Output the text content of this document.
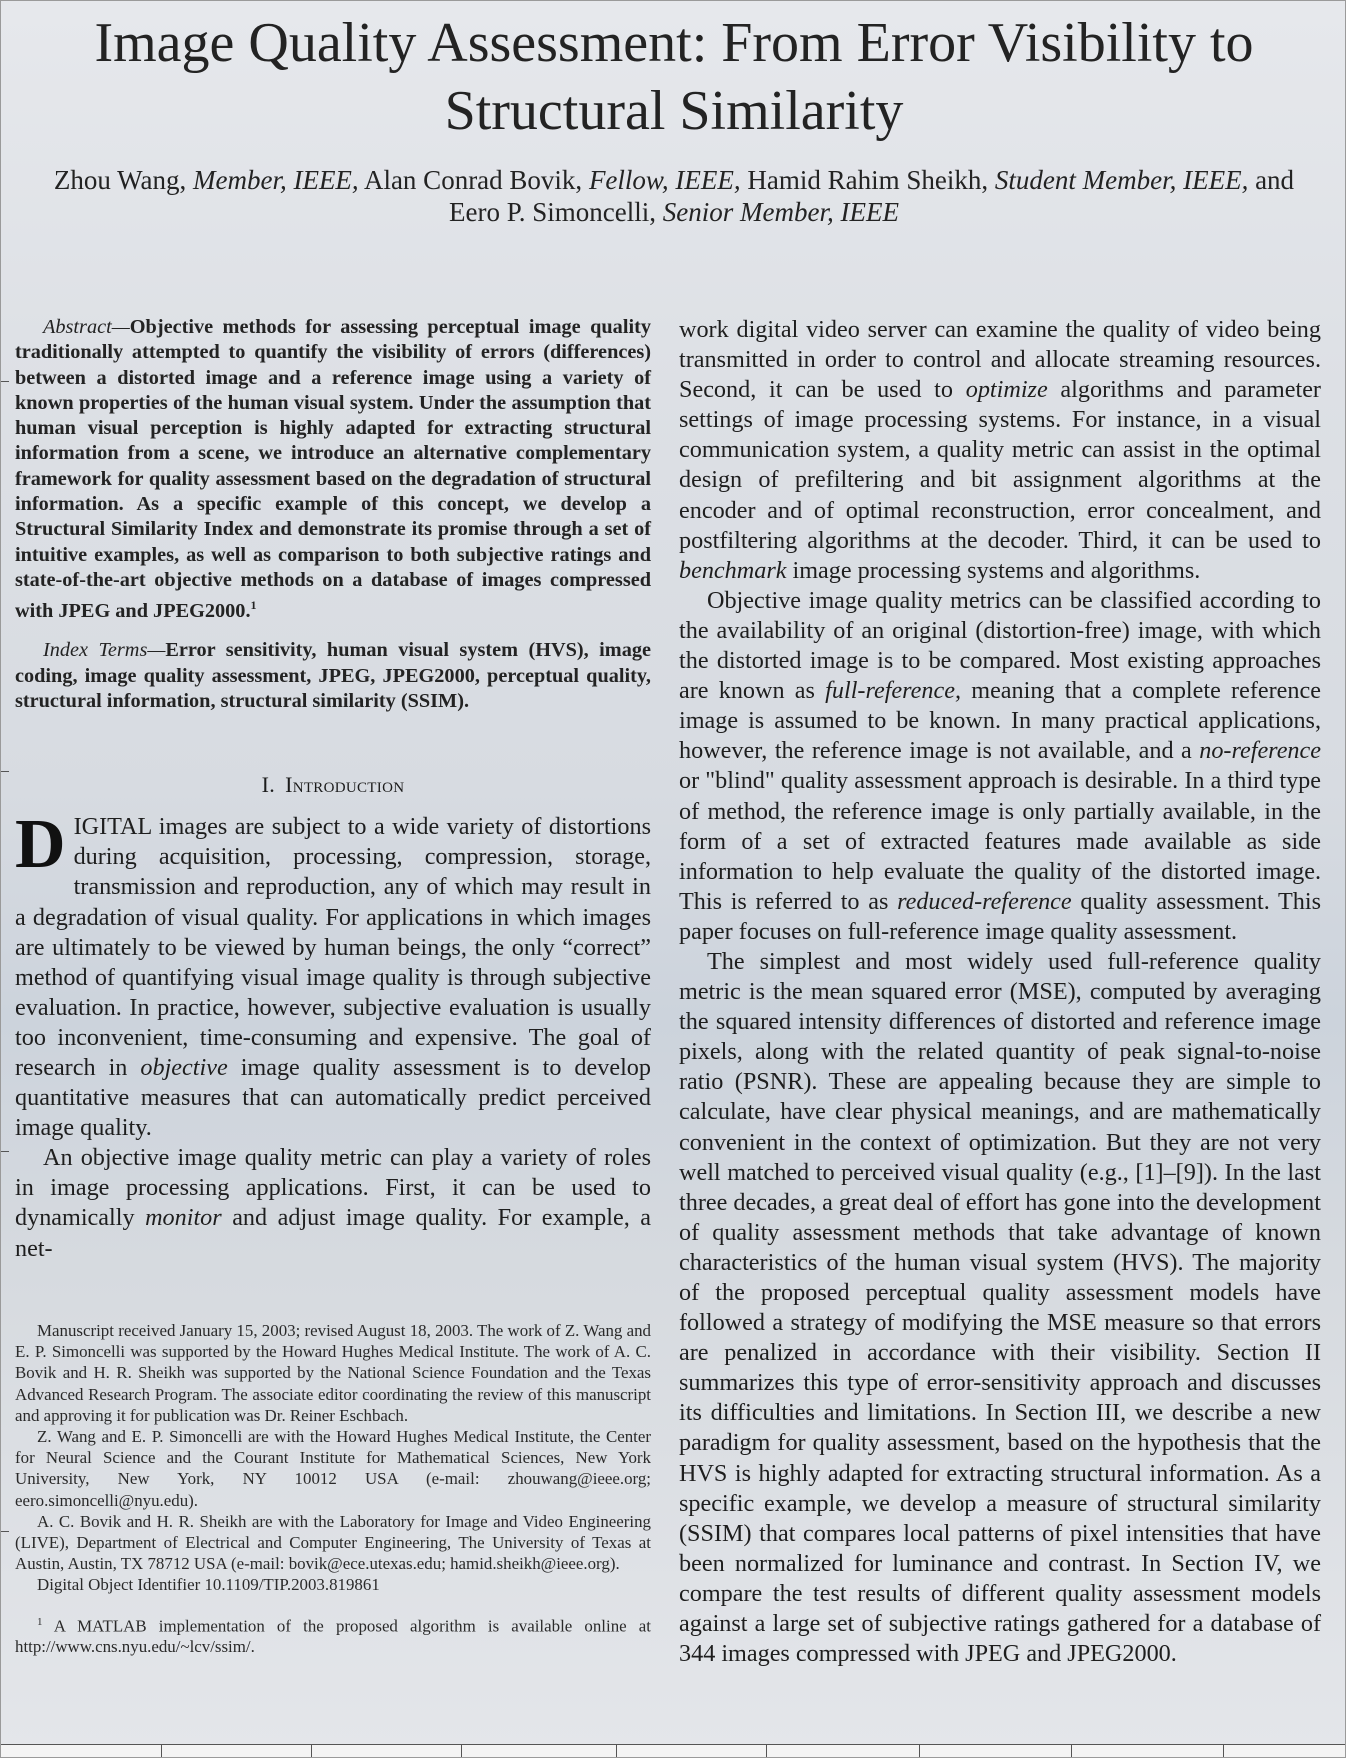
Image Quality Assessment: From Error Visibility to Structural Similarity
Zhou Wang, Member, IEEE, Alan Conrad Bovik, Fellow, IEEE, Hamid Rahim Sheikh, Student Member, IEEE, and
Eero P. Simoncelli, Senior Member, IEEE

Abstract—Objective methods for assessing perceptual image quality traditionally attempted to quantify the visibility of errors (differences) between a distorted image and a reference image using a variety of known properties of the human visual system. Under the assumption that human visual perception is highly adapted for extracting structural information from a scene, we introduce an alternative complementary framework for quality assessment based on the degradation of structural information. As a specific example of this concept, we develop a Structural Similarity Index and demonstrate its promise through a set of intuitive examples, as well as comparison to both subjective ratings and state-of-the-art objective methods on a database of images compressed with JPEG and JPEG2000.$^1$

Index Terms—Error sensitivity, human visual system (HVS), image coding, image quality assessment, JPEG, JPEG2000, perceptual quality, structural information, structural similarity (SSIM).

I. Introduction

DIGITAL images are subject to a wide variety of distortions during acquisition, processing, compression, storage, transmission and reproduction, any of which may result in a degradation of visual quality. For applications in which images are ultimately to be viewed by human beings, the only “correct” method of quantifying visual image quality is through subjective evaluation. In practice, however, subjective evaluation is usually too inconvenient, time-consuming and expensive. The goal of research in objective image quality assessment is to develop quantitative measures that can automatically predict perceived image quality.

An objective image quality metric can play a variety of roles in image processing applications. First, it can be used to dynamically monitor and adjust image quality. For example, a net-

Manuscript received January 15, 2003; revised August 18, 2003. The work of Z. Wang and E. P. Simoncelli was supported by the Howard Hughes Medical Institute. The work of A. C. Bovik and H. R. Sheikh was supported by the National Science Foundation and the Texas Advanced Research Program. The associate editor coordinating the review of this manuscript and approving it for publication was Dr. Reiner Eschbach.

Z. Wang and E. P. Simoncelli are with the Howard Hughes Medical Institute, the Center for Neural Science and the Courant Institute for Mathematical Sciences, New York University, New York, NY 10012 USA (e-mail: zhouwang@ieee.org; eero.simoncelli@nyu.edu).

A. C. Bovik and H. R. Sheikh are with the Laboratory for Image and Video Engineering (LIVE), Department of Electrical and Computer Engineering, The University of Texas at Austin, Austin, TX 78712 USA (e-mail: bovik@ece.utexas.edu; hamid.sheikh@ieee.org).

Digital Object Identifier 10.1109/TIP.2003.819861

$^1$ A MATLAB implementation of the proposed algorithm is available online at http://www.cns.nyu.edu/~lcv/ssim/.

work digital video server can examine the quality of video being transmitted in order to control and allocate streaming resources. Second, it can be used to optimize algorithms and parameter settings of image processing systems. For instance, in a visual communication system, a quality metric can assist in the optimal design of prefiltering and bit assignment algorithms at the encoder and of optimal reconstruction, error concealment, and postfiltering algorithms at the decoder. Third, it can be used to benchmark image processing systems and algorithms.

Objective image quality metrics can be classified according to the availability of an original (distortion-free) image, with which the distorted image is to be compared. Most existing approaches are known as full-reference, meaning that a complete reference image is assumed to be known. In many practical applications, however, the reference image is not available, and a no-reference or "blind" quality assessment approach is desirable. In a third type of method, the reference image is only partially available, in the form of a set of extracted features made available as side information to help evaluate the quality of the distorted image. This is referred to as reduced-reference quality assessment. This paper focuses on full-reference image quality assessment.

The simplest and most widely used full-reference quality metric is the mean squared error (MSE), computed by averaging the squared intensity differences of distorted and reference image pixels, along with the related quantity of peak signal-to-noise ratio (PSNR). These are appealing because they are simple to calculate, have clear physical meanings, and are mathematically convenient in the context of optimization. But they are not very well matched to perceived visual quality (e.g., [1]–[9]). In the last three decades, a great deal of effort has gone into the development of quality assessment methods that take advantage of known characteristics of the human visual system (HVS). The majority of the proposed perceptual quality assessment models have followed a strategy of modifying the MSE measure so that errors are penalized in accordance with their visibility. Section II summarizes this type of error-sensitivity approach and discusses its difficulties and limitations. In Section III, we describe a new paradigm for quality assessment, based on the hypothesis that the HVS is highly adapted for extracting structural information. As a specific example, we develop a measure of structural similarity (SSIM) that compares local patterns of pixel intensities that have been normalized for luminance and contrast. In Section IV, we compare the test results of different quality assessment models against a large set of subjective ratings gathered for a database of 344 images compressed with JPEG and JPEG2000.
